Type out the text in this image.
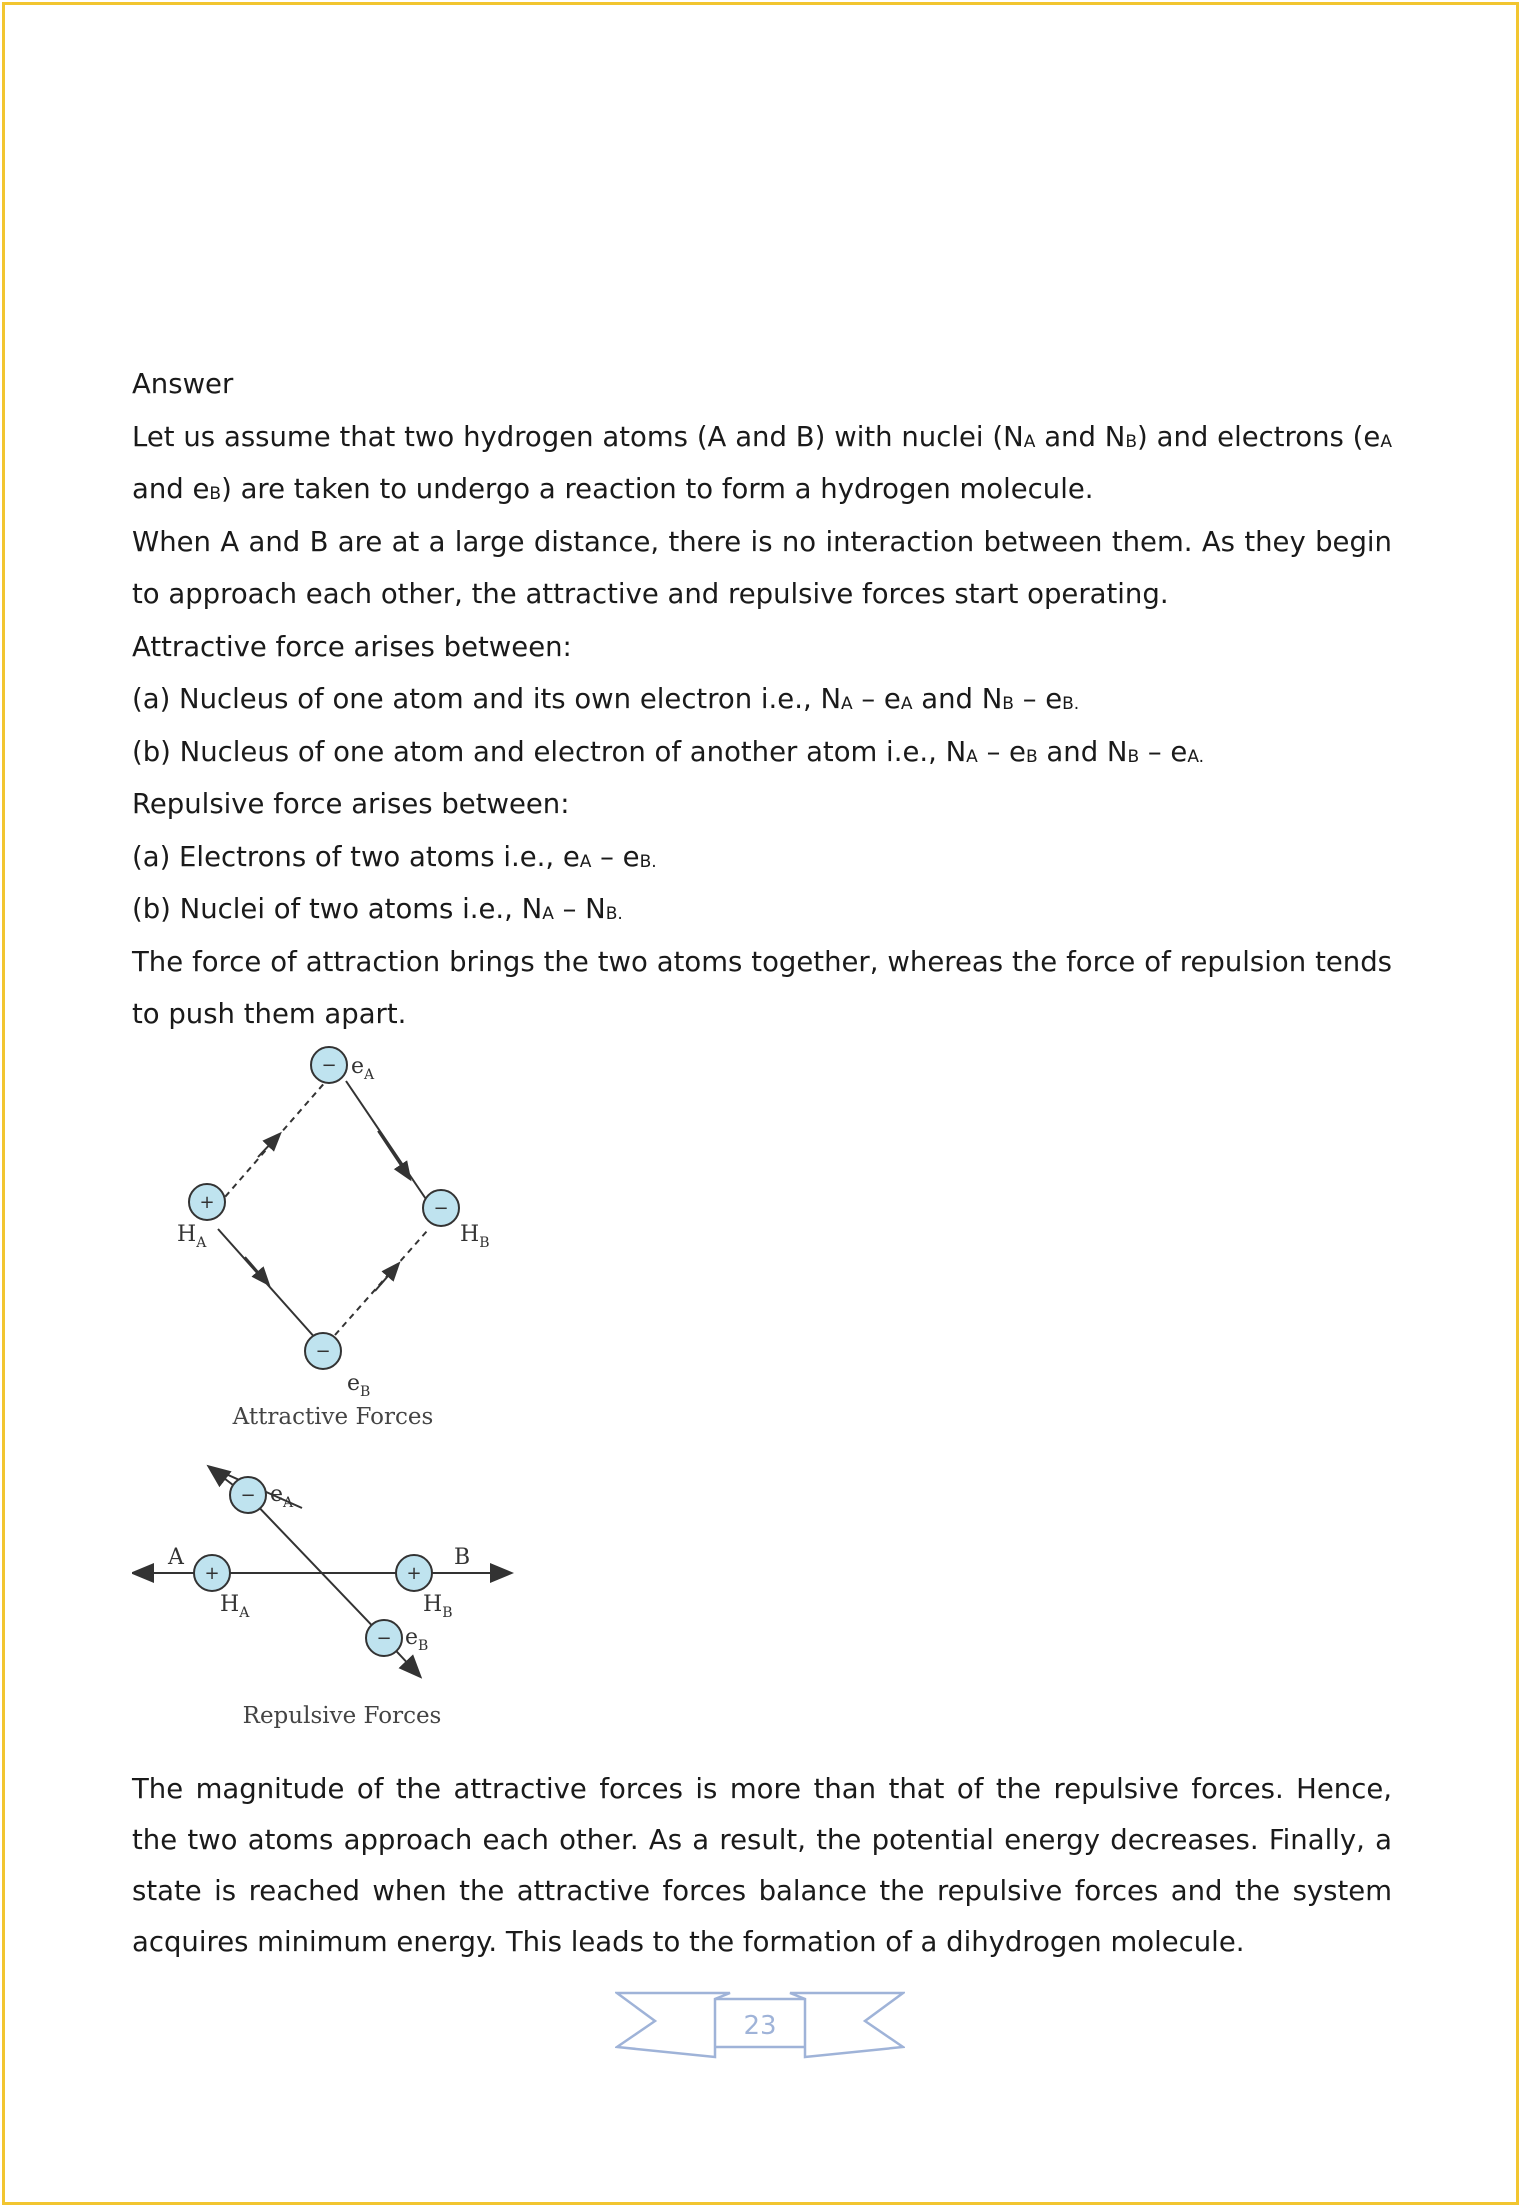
Answer

Let us assume that two hydrogen atoms (A and B) with nuclei ($N_A$ and $N_B$) and electrons ($e_A$ and $e_B$) are taken to undergo a reaction to form a hydrogen molecule.

When A and B are at a large distance, there is no interaction between them. As they begin to approach each other, the attractive and repulsive forces start operating.

Attractive force arises between:

(a) Nucleus of one atom and its own electron i.e., $N_A - e_A$ and $N_B - e_{B.}$

(b) Nucleus of one atom and electron of another atom i.e., $N_A - e_B$ and $N_B - e_{A.}$

Repulsive force arises between:

(a) Electrons of two atoms i.e., $e_A - e_{B.}$

(b) Nuclei of two atoms i.e., $N_A - N_{B.}$

The force of attraction brings the two atoms together, whereas the force of repulsion tends to push them apart.

− $e_A$
+
$H_A$
−
$H_B$
−
$e_B$
Attractive Forces
− $e_A$
+
$H_A$
A
+
$H_B$
B
− $e_B$
Repulsive Forces

The magnitude of the attractive forces is more than that of the repulsive forces. Hence, the two atoms approach each other. As a result, the potential energy decreases. Finally, a state is reached when the attractive forces balance the repulsive forces and the system acquires minimum energy. This leads to the formation of a dihydrogen molecule.

23
